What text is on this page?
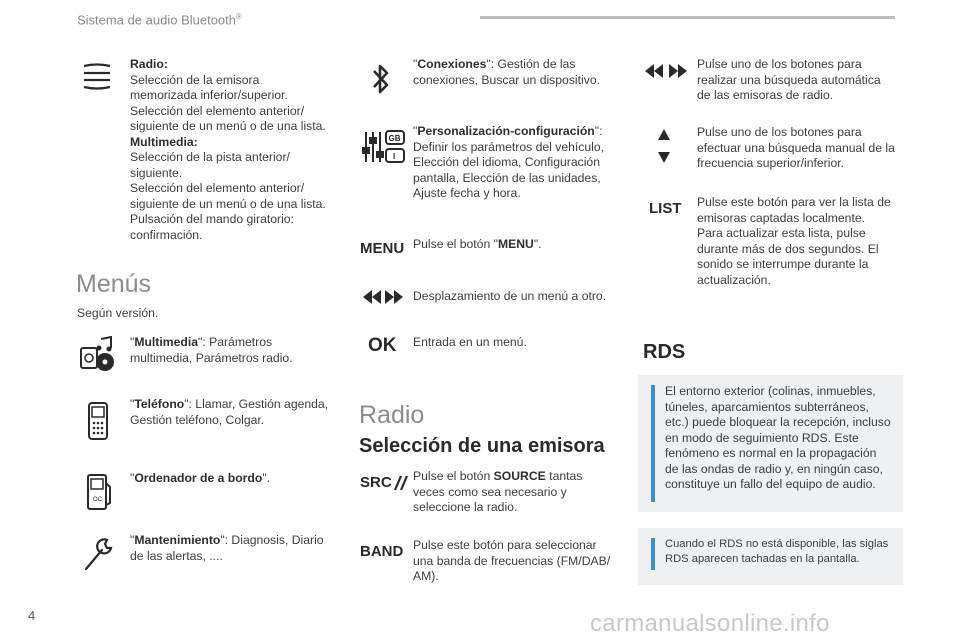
Sistema de audio Bluetooth®
Radio:
Selección de la emisora
memorizada inferior/superior.
Selección del elemento anterior/
siguiente de un menú o de una lista.
Multimedia:
Selección de la pista anterior/
siguiente.
Selección del elemento anterior/
siguiente de un menú o de una lista.
Pulsación del mando giratorio:
confirmación.
Menús
Según versión.
"Multimedia": Parámetros
multimedia, Parámetros radio.
"Teléfono": Llamar, Gestión agenda,
Gestión teléfono, Colgar.
OC
"Ordenador de a bordo".
"Mantenimiento": Diagnosis, Diario
de las alertas, ....
"Conexiones": Gestión de las
conexiones, Buscar un dispositivo.
GB
I
"Personalización-configuración":
Definir los parámetros del vehículo,
Elección del idioma, Configuración
pantalla, Elección de las unidades,
Ajuste fecha y hora.
MENU Pulse el botón "MENU".
Desplazamiento de un menú a otro.
OK Entrada en un menú.
Radio
Selección de una emisora
SRC Pulse el botón SOURCE tantas
veces como sea necesario y
seleccione la radio.
BAND Pulse este botón para seleccionar
una banda de frecuencias (FM/DAB/
AM).
Pulse uno de los botones para
realizar una búsqueda automática
de las emisoras de radio.
Pulse uno de los botones para
efectuar una búsqueda manual de la
frecuencia superior/inferior.
LIST Pulse este botón para ver la lista de
emisoras captadas localmente.
Para actualizar esta lista, pulse
durante más de dos segundos. El
sonido se interrumpe durante la
actualización.
RDS
El entorno exterior (colinas, inmuebles,
túneles, aparcamientos subterráneos,
etc.) puede bloquear la recepción, incluso
en modo de seguimiento RDS. Este
fenómeno es normal en la propagación
de las ondas de radio y, en ningún caso,
constituye un fallo del equipo de audio.
Cuando el RDS no está disponible, las siglas
RDS aparecen tachadas en la pantalla.
4	carmanualsonline.info
